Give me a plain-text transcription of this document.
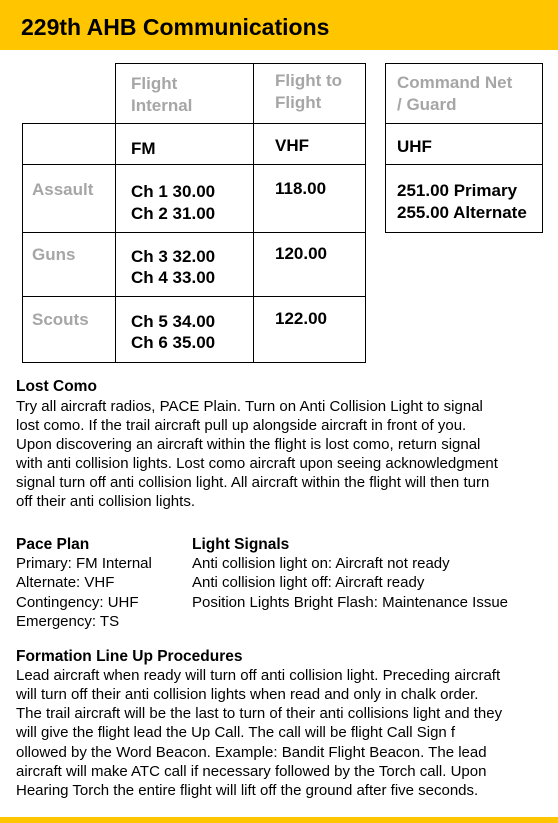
229th AHB Communications
Flight
Internal
Flight to
Flight
FM	VHF
Assault Ch 1 30.00
Ch 2 31.00
118.00
Guns	Ch 3 32.00
Ch 4 33.00
120.00
Scouts Ch 5 34.00
Ch 6 35.00
122.00
Command Net
/ Guard
UHF
251.00 Primary
255.00 Alternate
Lost Como
Try all aircraft radios, PACE Plain. Turn on Anti Collision Light to signal
lost como. If the trail aircraft pull up alongside aircraft in front of you.
Upon discovering an aircraft within the flight is lost como, return signal
with anti collision lights. Lost como aircraft upon seeing acknowledgment
signal turn off anti collision light. All aircraft within the flight will then turn
off their anti collision lights.
Pace Plan
Primary: FM Internal
Alternate: VHF
Contingency: UHF
Emergency: TS
Light Signals
Anti collision light on: Aircraft not ready
Anti collision light off: Aircraft ready
Position Lights Bright Flash: Maintenance Issue
Formation Line Up Procedures
Lead aircraft when ready will turn off anti collision light. Preceding aircraft
will turn off their anti collision lights when read and only in chalk order.
The trail aircraft will be the last to turn of their anti collisions light and they
will give the flight lead the Up Call. The call will be flight Call Sign f
ollowed by the Word Beacon. Example: Bandit Flight Beacon. The lead
aircraft will make ATC call if necessary followed by the Torch call. Upon
Hearing Torch the entire flight will lift off the ground after five seconds.
